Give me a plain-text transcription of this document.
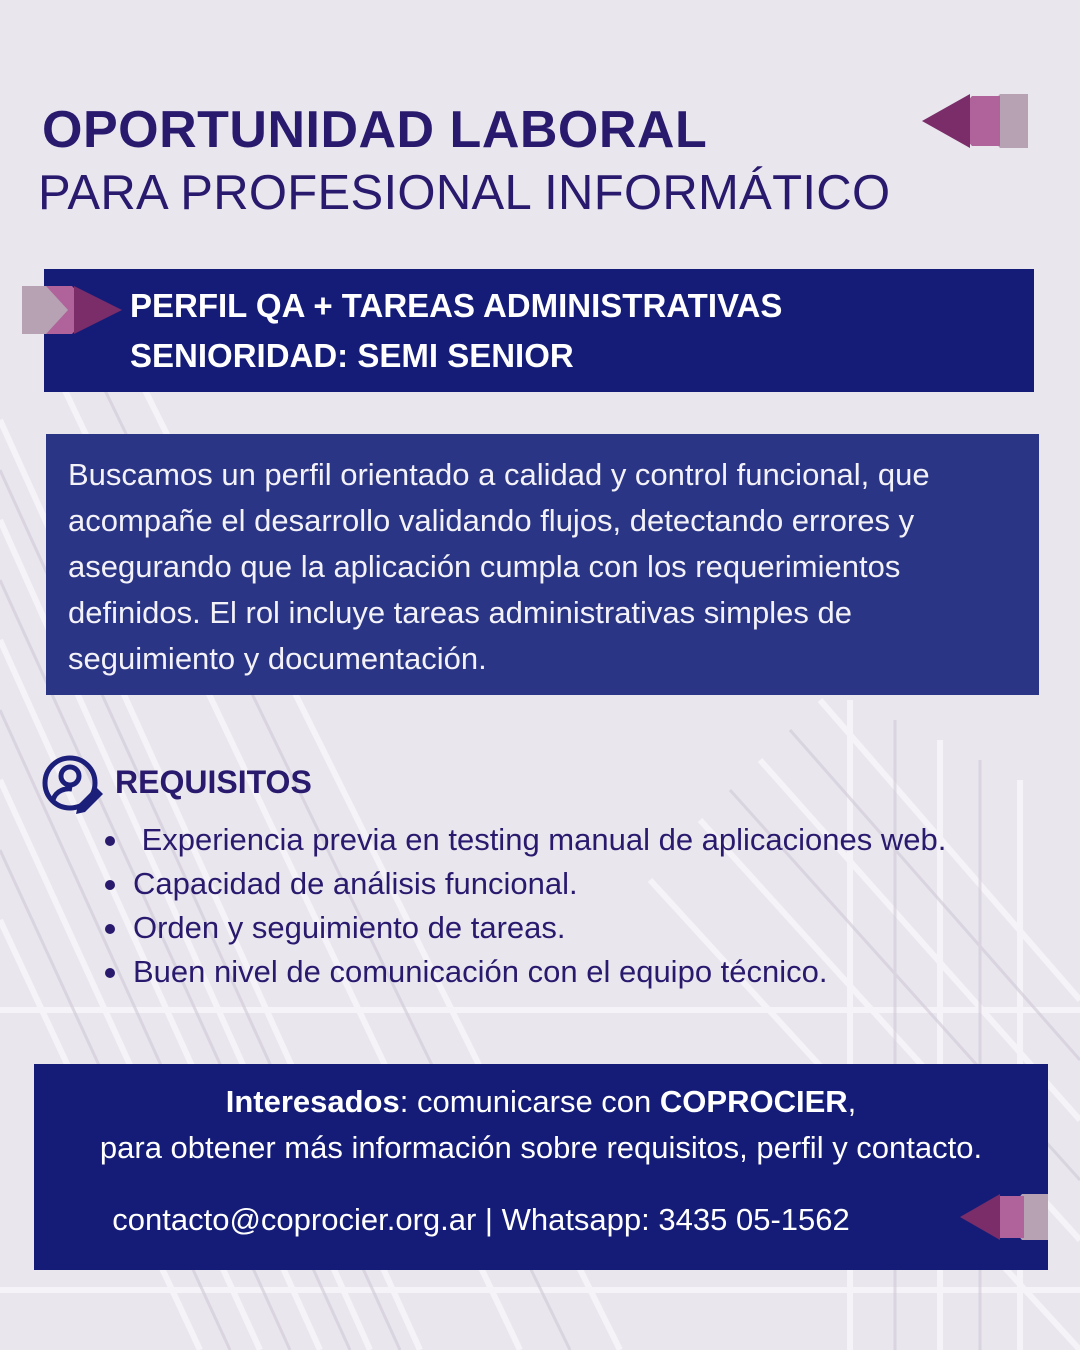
OPORTUNIDAD LABORAL
PARA PROFESIONAL INFORMÁTICO
PERFIL QA + TAREAS ADMINISTRATIVAS
SENIORIDAD: SEMI SENIOR
Buscamos un perfil orientado a calidad y control funcional, que acompañe el desarrollo validando flujos, detectando errores y asegurando que la aplicación cumpla con los requerimientos definidos. El rol incluye tareas administrativas simples de seguimiento y documentación.
REQUISITOS
Experiencia previa en testing manual de aplicaciones web.
Capacidad de análisis funcional.
Orden y seguimiento de tareas.
Buen nivel de comunicación con el equipo técnico.
Interesados: comunicarse con COPROCIER,
para obtener más información sobre requisitos, perfil y contacto.
contacto@coprocier.org.ar | Whatsapp: 3435 05-1562
